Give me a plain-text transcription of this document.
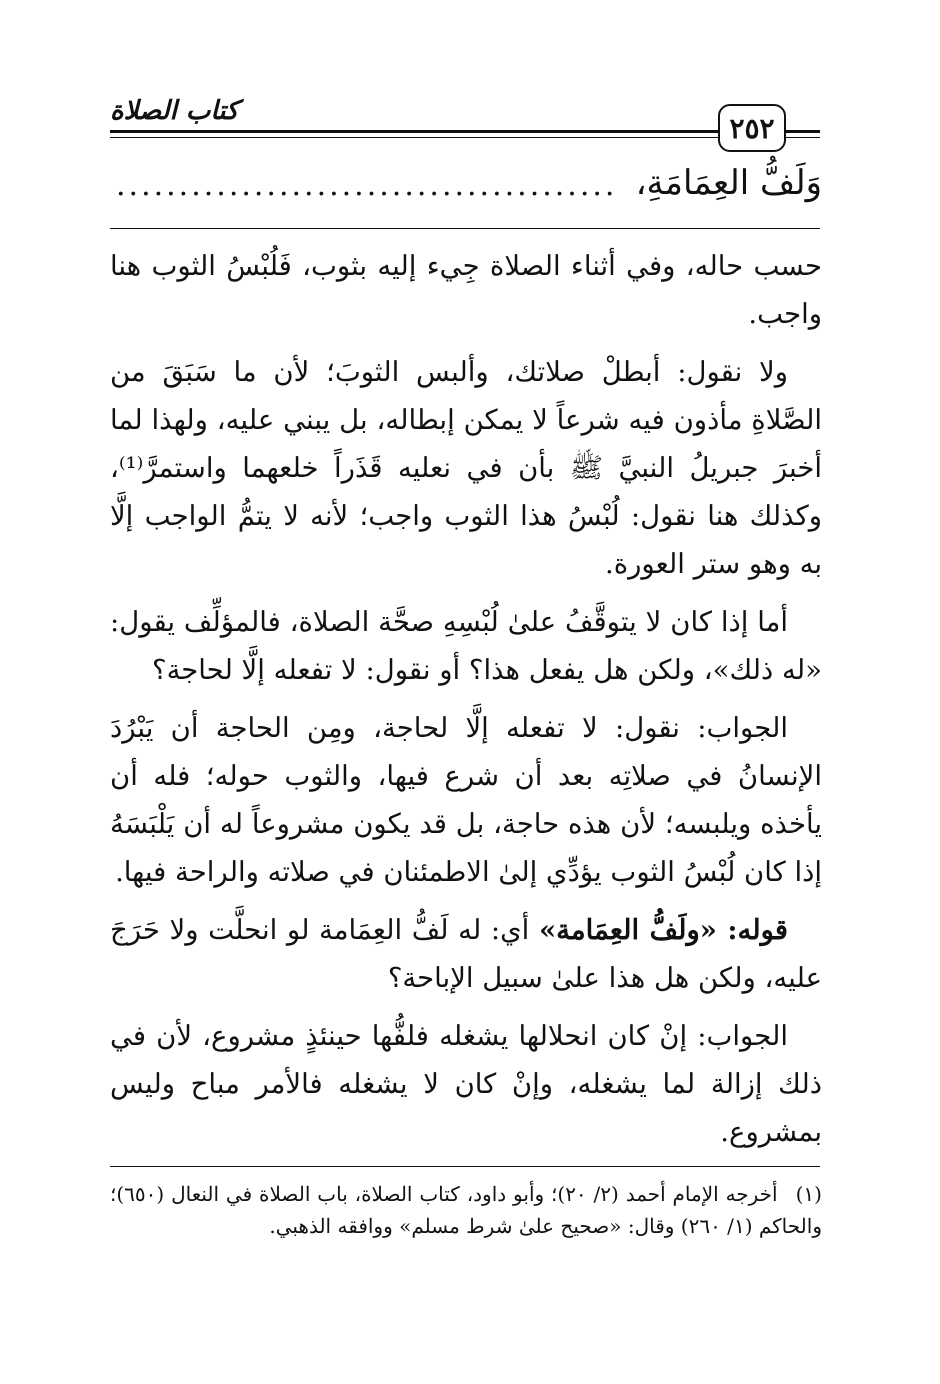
كتاب الصلاة
٢٥٢
وَلَفُّ العِمَامَةِ،
........................................

حسب حاله، وفي أثناء الصلاة جِيء إليه بثوب، فَلُبْسُ الثوب هنا واجب.

ولا نقول: أبطلْ صلاتك، وألبس الثوبَ؛ لأن ما سَبَقَ من الصَّلاةِ مأذون فيه شرعاً لا يمكن إبطاله، بل يبني عليه، ولهذا لما أخبرَ جبريلُ النبيَّ ﷺ بأن في نعليه قَذَراً خلعهما واستمرَّ⁽¹⁾، وكذلك هنا نقول: لُبْسُ هذا الثوب واجب؛ لأنه لا يتمُّ الواجب إلَّا به وهو ستر العورة.

أما إذا كان لا يتوقَّفُ علىٰ لُبْسِهِ صحَّة الصلاة، فالمؤلِّف يقول: «له ذلك»، ولكن هل يفعل هذا؟ أو نقول: لا تفعله إلَّا لحاجة؟

الجواب: نقول: لا تفعله إلَّا لحاجة، ومِن الحاجة أن يَبْرُدَ الإنسانُ في صلاتِه بعد أن شرع فيها، والثوب حوله؛ فله أن يأخذه ويلبسه؛ لأن هذه حاجة، بل قد يكون مشروعاً له أن يَلْبَسَهُ إذا كان لُبْسُ الثوب يؤدِّي إلىٰ الاطمئنان في صلاته والراحة فيها.

قوله: «ولَفُّ العِمَامة» أي: له لَفُّ العِمَامة لو انحلَّت ولا حَرَجَ عليه، ولكن هل هذا علىٰ سبيل الإباحة؟

الجواب: إنْ كان انحلالها يشغله فلفُّها حينئذٍ مشروع، لأن في ذلك إزالة لما يشغله، وإنْ كان لا يشغله فالأمر مباح وليس بمشروع.

(١)أخرجه الإمام أحمد (٢/ ٢٠)؛ وأبو داود، كتاب الصلاة، باب الصلاة في النعال (٦٥٠)؛ والحاكم (١/ ٢٦٠) وقال: «صحيح علىٰ شرط مسلم» ووافقه الذهبي.
